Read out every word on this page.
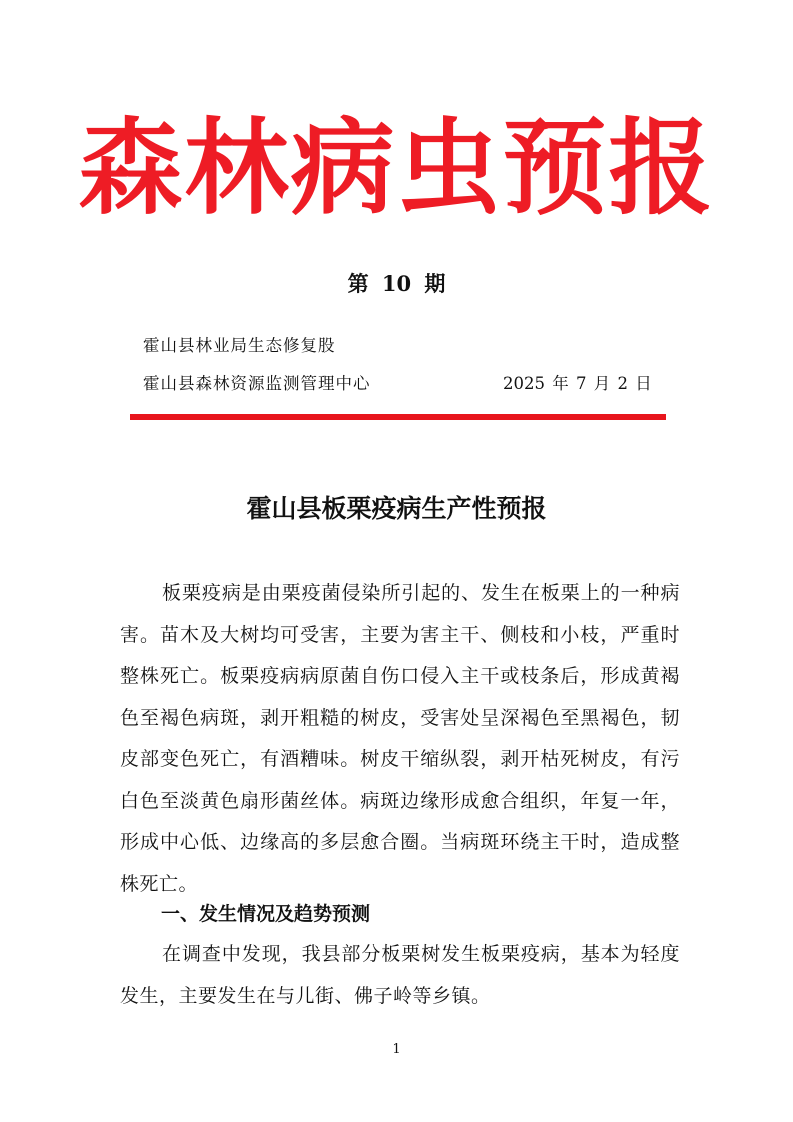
森林病虫预报
第 10 期
霍山县林业局生态修复股
霍山县森林资源监测管理中心	2025 年 7 月 2 日
霍山县板栗疫病生产性预报
板栗疫病是由栗疫菌侵染所引起的、发生在板栗上的一种病害。苗木及大树均可受害，主要为害主干、侧枝和小枝，严重时整株死亡。板栗疫病病原菌自伤口侵入主干或枝条后，形成黄褐色至褐色病斑，剥开粗糙的树皮，受害处呈深褐色至黑褐色，韧皮部变色死亡，有酒糟味。树皮干缩纵裂，剥开枯死树皮，有污白色至淡黄色扇形菌丝体。病斑边缘形成愈合组织，年复一年，形成中心低、边缘高的多层愈合圈。当病斑环绕主干时，造成整株死亡。
一、发生情况及趋势预测
在调查中发现，我县部分板栗树发生板栗疫病，基本为轻度发生，主要发生在与儿街、佛子岭等乡镇。
1
